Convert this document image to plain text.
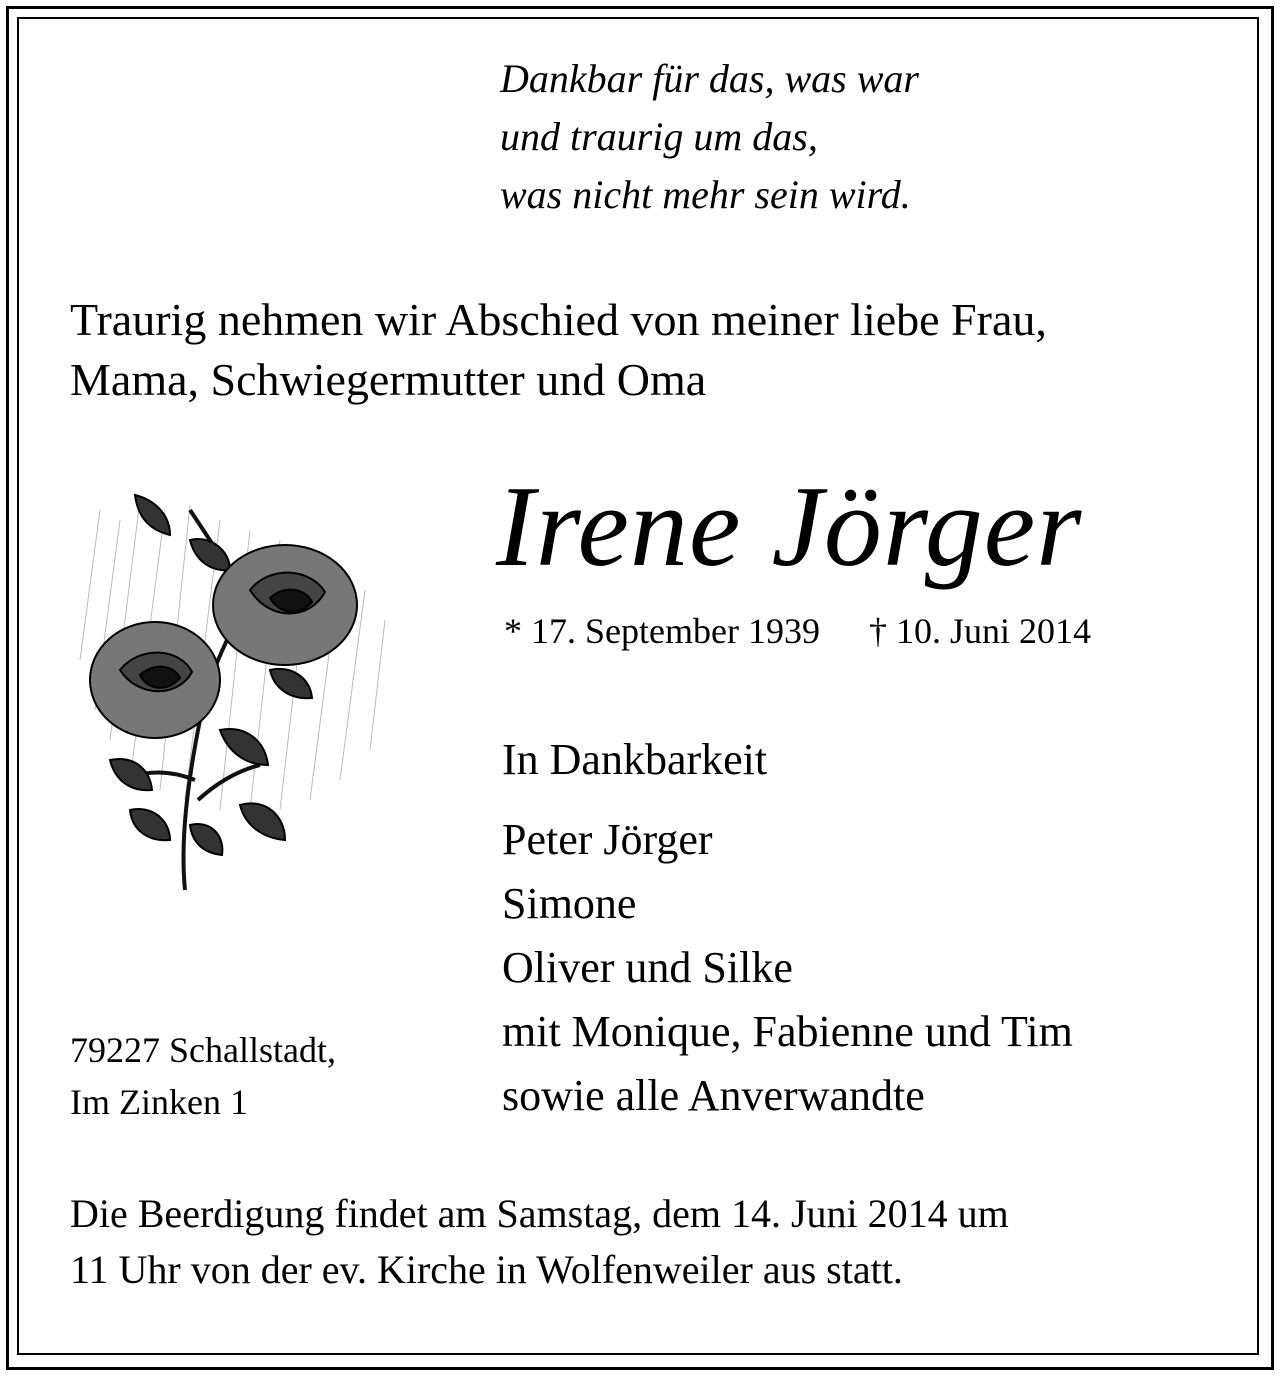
Dankbar für das, was war
und traurig um das,
was nicht mehr sein wird.
Traurig nehmen wir Abschied von meiner liebe Frau,
Mama, Schwiegermutter und Oma
Irene Jörger
* 17. September 1939 † 10. Juni 2014
In Dankbarkeit
Peter Jörger
Simone
Oliver und Silke
mit Monique, Fabienne und Tim
sowie alle Anverwandte
79227 Schallstadt,
Im Zinken 1
Die Beerdigung findet am Samstag, dem 14. Juni 2014 um
11 Uhr von der ev. Kirche in Wolfenweiler aus statt.
